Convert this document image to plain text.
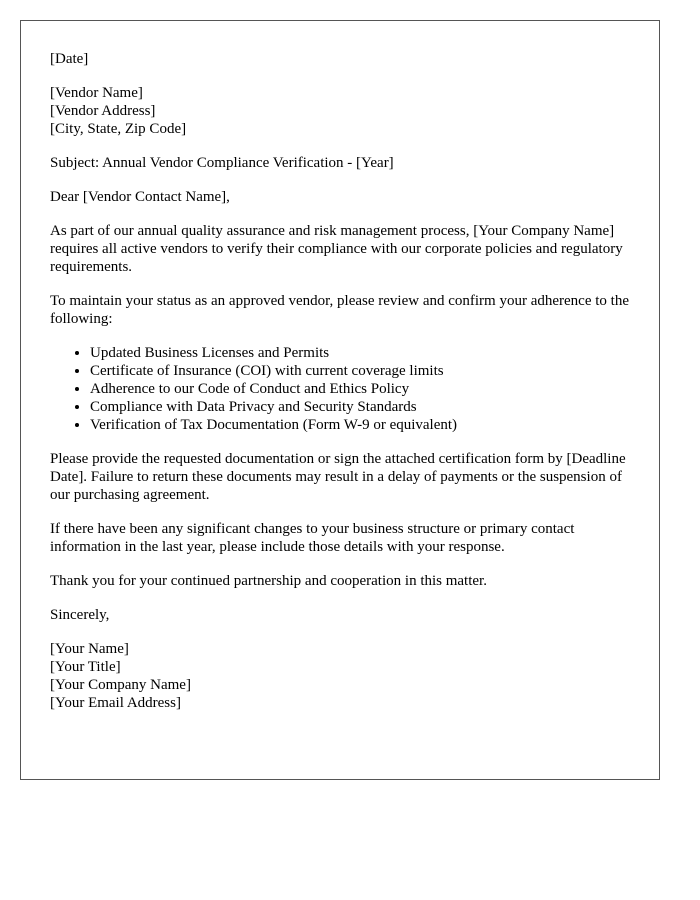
[Date]

[Vendor Name]
[Vendor Address]
[City, State, Zip Code]

Subject: Annual Vendor Compliance Verification - [Year]

Dear [Vendor Contact Name],

As part of our annual quality assurance and risk management process, [Your Company Name] requires all active vendors to verify their compliance with our corporate policies and regulatory requirements.

To maintain your status as an approved vendor, please review and confirm your adherence to the following:

• Updated Business Licenses and Permits
• Certificate of Insurance (COI) with current coverage limits
• Adherence to our Code of Conduct and Ethics Policy
• Compliance with Data Privacy and Security Standards
• Verification of Tax Documentation (Form W-9 or equivalent)

Please provide the requested documentation or sign the attached certification form by [Deadline Date]. Failure to return these documents may result in a delay of payments or the suspension of our purchasing agreement.

If there have been any significant changes to your business structure or primary contact information in the last year, please include those details with your response.

Thank you for your continued partnership and cooperation in this matter.

Sincerely,

[Your Name]

[Your Title]

[Your Company Name]

[Your Email Address]
